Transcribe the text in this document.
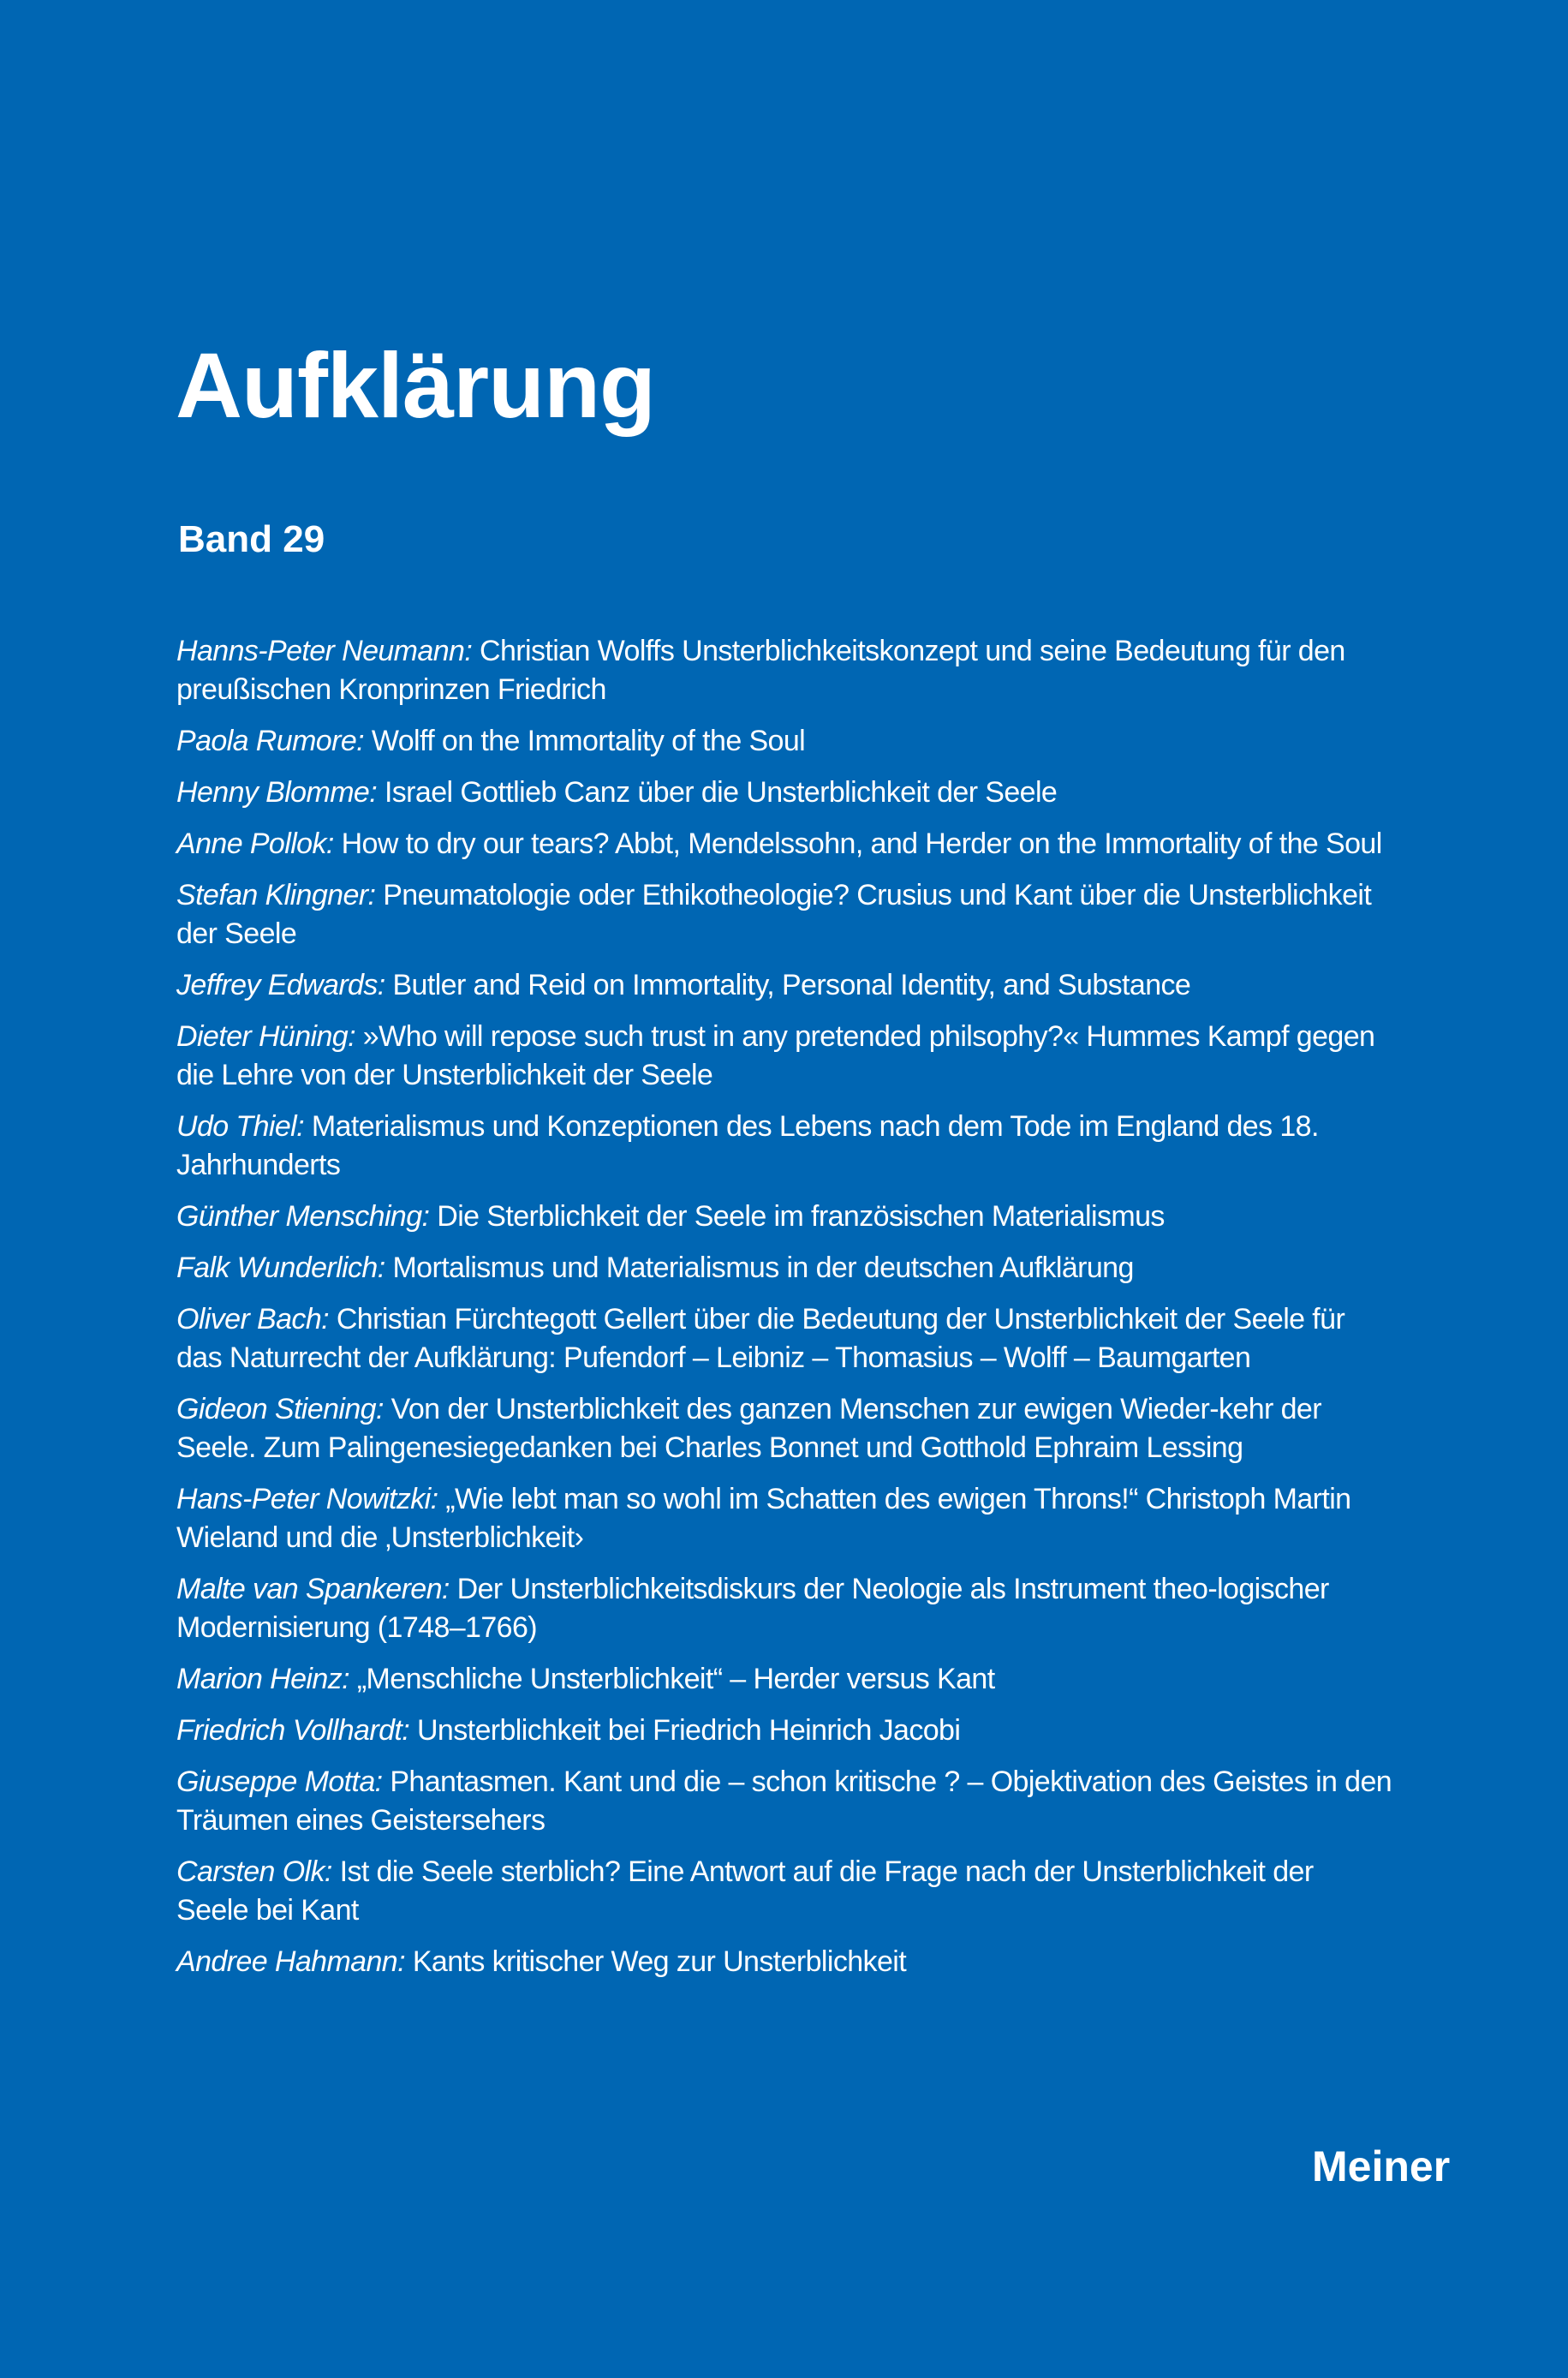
Aufklärung
Band 29
Hanns-Peter Neumann: Christian Wolffs Unsterblichkeitskonzept und seine Bedeutung für den preußischen Kronprinzen Friedrich
Paola Rumore: Wolff on the Immortality of the Soul
Henny Blomme: Israel Gottlieb Canz über die Unsterblichkeit der Seele
Anne Pollok: How to dry our tears? Abbt, Mendelssohn, and Herder on the Immortality of the Soul
Stefan Klingner: Pneumatologie oder Ethikotheologie? Crusius und Kant über die Unsterblichkeit der Seele
Jeffrey Edwards: Butler and Reid on Immortality, Personal Identity, and Substance
Dieter Hüning: »Who will repose such trust in any pretended philsophy?« Hummes Kampf gegen die Lehre von der Unsterblichkeit der Seele
Udo Thiel: Materialismus und Konzeptionen des Lebens nach dem Tode im England des 18. Jahrhunderts
Günther Mensching: Die Sterblichkeit der Seele im französischen Materialismus
Falk Wunderlich: Mortalismus und Materialismus in der deutschen Aufklärung
Oliver Bach: Christian Fürchtegott Gellert über die Bedeutung der Unsterblichkeit der Seele für das Naturrecht der Aufklärung: Pufendorf – Leibniz – Thomasius – Wolff – Baumgarten
Gideon Stiening: Von der Unsterblichkeit des ganzen Menschen zur ewigen Wieder-kehr der Seele. Zum Palingenesiegedanken bei Charles Bonnet und Gotthold Ephraim Lessing
Hans-Peter Nowitzki: „Wie lebt man so wohl im Schatten des ewigen Throns!“ Christoph Martin Wieland und die ‚Unsterblichkeit›
Malte van Spankeren: Der Unsterblichkeitsdiskurs der Neologie als Instrument theo-logischer Modernisierung (1748–1766)
Marion Heinz: „Menschliche Unsterblichkeit“ – Herder versus Kant
Friedrich Vollhardt: Unsterblichkeit bei Friedrich Heinrich Jacobi
Giuseppe Motta: Phantasmen. Kant und die – schon kritische ? – Objektivation des Geistes in den Träumen eines Geistersehers
Carsten Olk: Ist die Seele sterblich? Eine Antwort auf die Frage nach der Unsterblichkeit der Seele bei Kant
Andree Hahmann: Kants kritischer Weg zur Unsterblichkeit
Meiner
